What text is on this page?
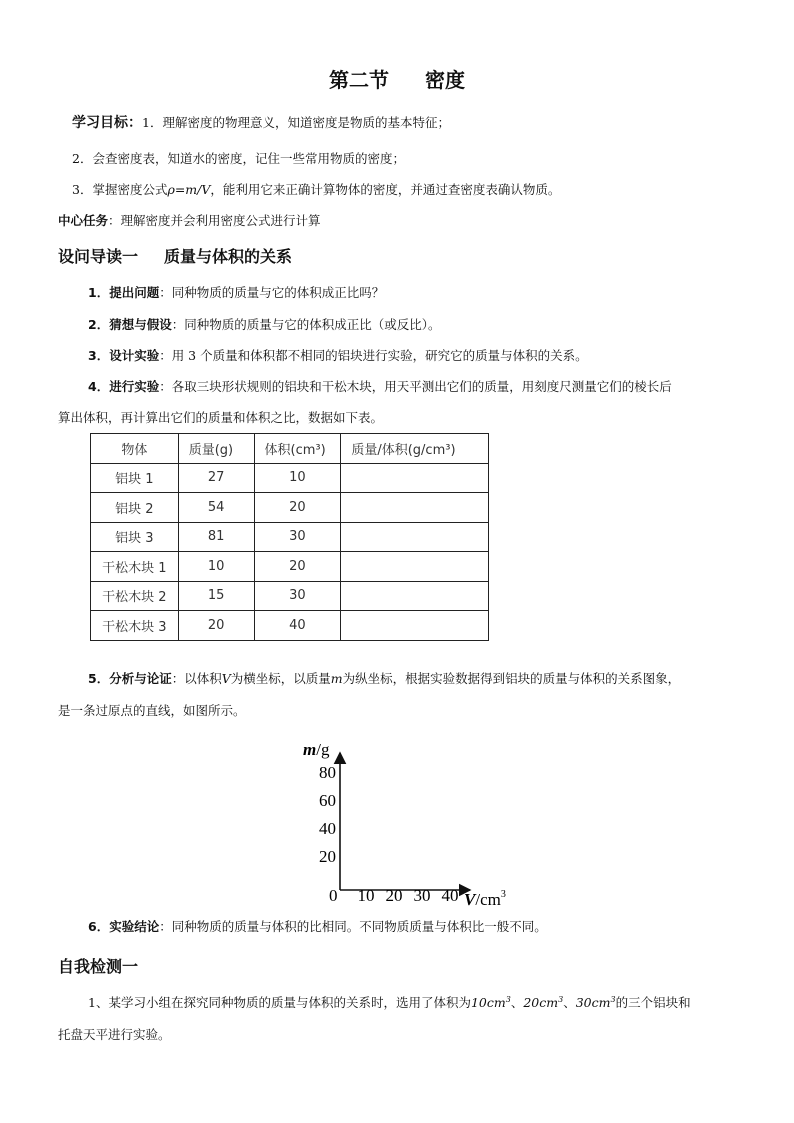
第二节 密度
学习目标：1．理解密度的物理意义，知道密度是物质的基本特征；
2．会查密度表，知道水的密度，记住一些常用物质的密度；
3．掌握密度公式ρ=m/V，能利用它来正确计算物体的密度，并通过查密度表确认物质。
中心任务：理解密度并会利用密度公式进行计算
设问导读一 质量与体积的关系
1．提出问题：同种物质的质量与它的体积成正比吗？
2．猜想与假设：同种物质的质量与它的体积成正比（或反比）。
3．设计实验：用 3 个质量和体积都不相同的铝块进行实验，研究它的质量与体积的关系。
4．进行实验：各取三块形状规则的铝块和干松木块，用天平测出它们的质量，用刻度尺测量它们的棱长后
算出体积，再计算出它们的质量和体积之比，数据如下表。
物体	质量(g)	体积(cm³)	质量/体积(g/cm³)
铝块 1	27	10	
铝块 2	54	20	
铝块 3	81	30	
干松木块 1	10	20	
干松木块 2	15	30	
干松木块 3	20	40	
5．分析与论证：以体积V为横坐标，以质量m为纵坐标，根据实验数据得到铝块的质量与体积的关系图象，
是一条过原点的直线，如图所示。
m/g
80
60
40
20
0 10 20 30 40 $V/cm^3$
6．实验结论：同种物质的质量与体积的比相同。不同物质质量与体积比一般不同。
自我检测一
1、某学习小组在探究同种物质的质量与体积的关系时，选用了体积为$10cm^3$、$20cm^3$、$30cm^3$的三个铝块和
托盘天平进行实验。
